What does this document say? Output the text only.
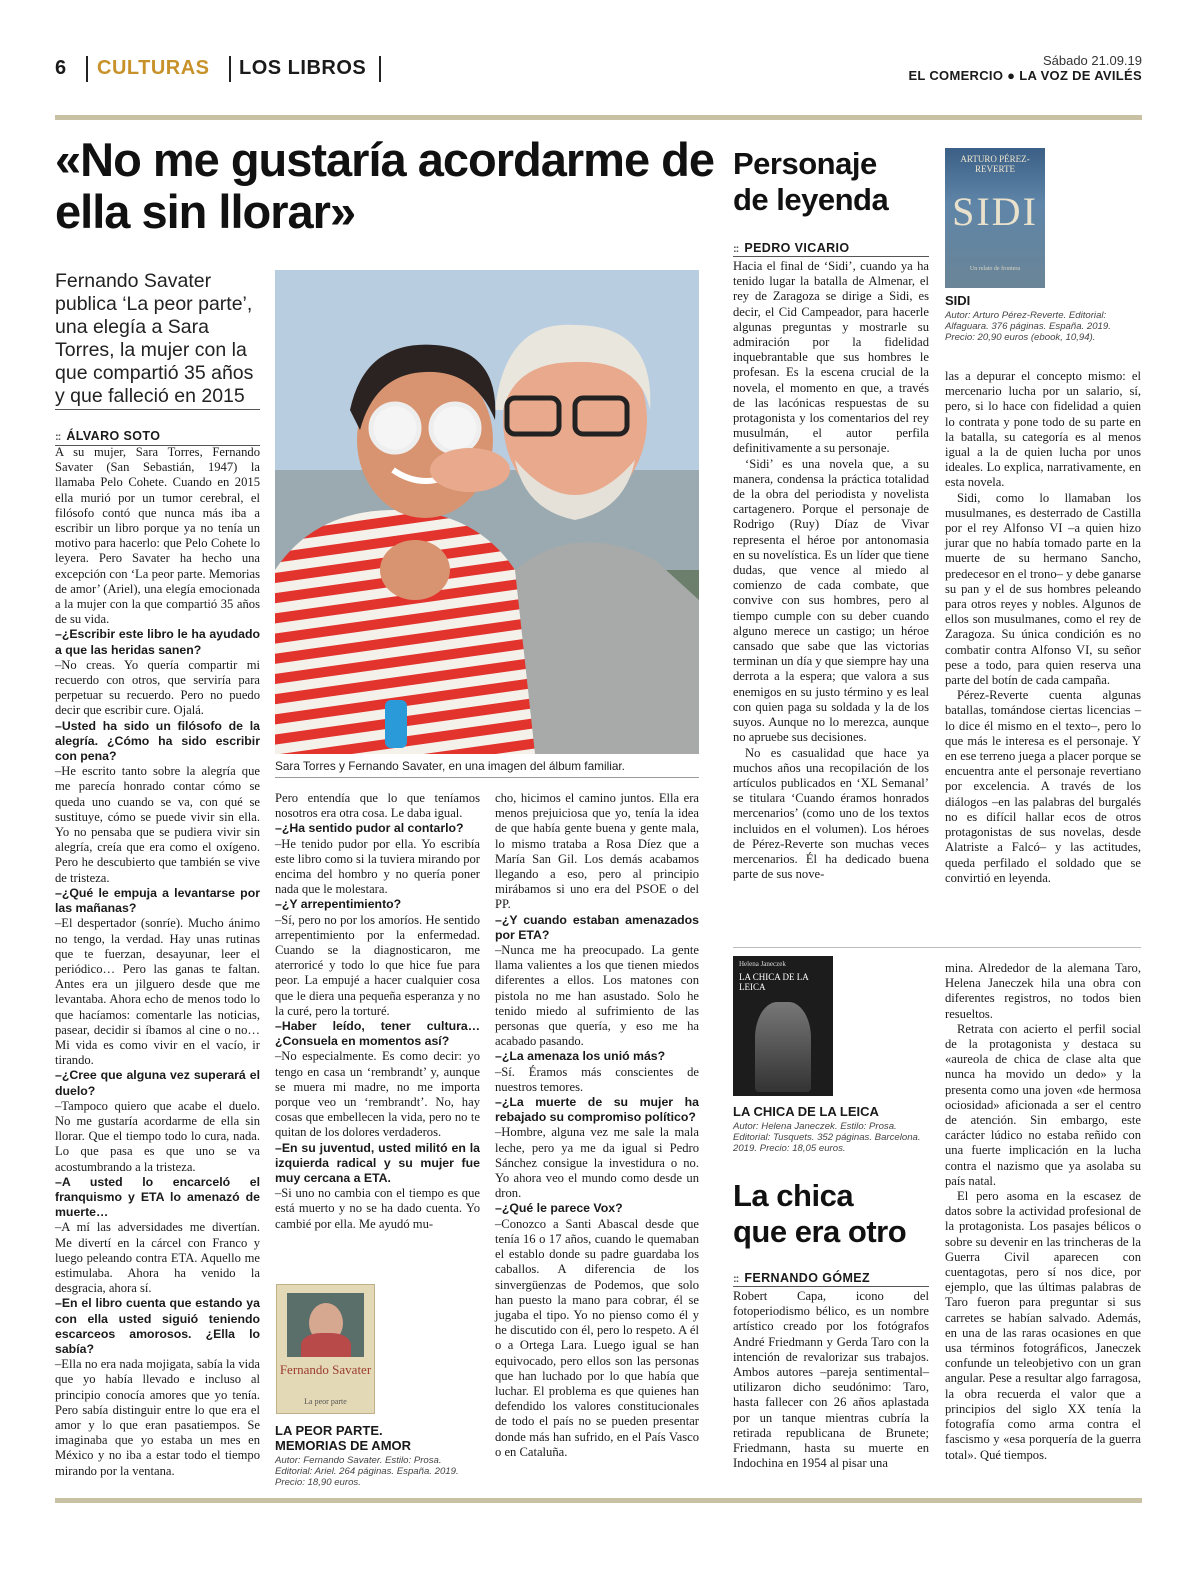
6 CULTURAS LOS LIBROS	Sábado 21.09.19
EL COMERCIO ● LA VOZ DE AVILÉS
«No me gustaría acordarme de ella sin llorar»
Fernando Savater publica ‘La peor parte’, una elegía a Sara Torres, la mujer con la que compartió 35 años y que falleció en 2015
:: ÁLVARO SOTO
Sara Torres y Fernando Savater, en una imagen del álbum familiar.

A su mujer, Sara Torres, Fernando Savater (San Sebastián, 1947) la llamaba Pelo Cohete. Cuando en 2015 ella murió por un tumor cerebral, el filósofo contó que nunca más iba a escribir un libro porque ya no tenía un motivo para hacerlo: que Pelo Cohete lo leyera. Pero Savater ha hecho una excepción con ‘La peor parte. Memorias de amor’ (Ariel), una elegía emocionada a la mujer con la que compartió 35 años de su vida.

–¿Escribir este libro le ha ayudado a que las heridas sanen?

–No creas. Yo quería compartir mi recuerdo con otros, que serviría para perpetuar su recuerdo. Pero no puedo decir que escribir cure. Ojalá.

–Usted ha sido un filósofo de la alegría. ¿Cómo ha sido escribir con pena?

–He escrito tanto sobre la alegría que me parecía honrado contar cómo se queda uno cuando se va, con qué se sustituye, cómo se puede vivir sin ella. Yo no pensaba que se pudiera vivir sin alegría, creía que era como el oxígeno. Pero he descubierto que también se vive de tristeza.

–¿Qué le empuja a levantarse por las mañanas?

–El despertador (sonríe). Mucho ánimo no tengo, la verdad. Hay unas rutinas que te fuerzan, desayunar, leer el periódico… Pero las ganas te faltan. Antes era un jilguero desde que me levantaba. Ahora echo de menos todo lo que hacíamos: comentarle las noticias, pasear, decidir si íbamos al cine o no… Mi vida es como vivir en el vacío, ir tirando.

–¿Cree que alguna vez superará el duelo?

–Tampoco quiero que acabe el duelo. No me gustaría acordarme de ella sin llorar. Que el tiempo todo lo cura, nada. Lo que pasa es que uno se va acostumbrando a la tristeza.

–A usted lo encarceló el franquismo y ETA lo amenazó de muerte…

–A mí las adversidades me divertían. Me divertí en la cárcel con Franco y luego peleando contra ETA. Aquello me estimulaba. Ahora ha venido la desgracia, ahora sí.

–En el libro cuenta que estando ya con ella usted siguió teniendo escarceos amorosos. ¿Ella lo sabía?

–Ella no era nada mojigata, sabía la vida que yo había llevado e incluso al principio conocía amores que yo tenía. Pero sabía distinguir entre lo que era el amor y lo que eran pasatiempos. Se imaginaba que yo estaba un mes en México y no iba a estar todo el tiempo mirando por la ventana.

Pero entendía que lo que teníamos nosotros era otra cosa. Le daba igual.

–¿Ha sentido pudor al contarlo?

–He tenido pudor por ella. Yo escribía este libro como si la tuviera mirando por encima del hombro y no quería poner nada que le molestara.

–¿Y arrepentimiento?

–Sí, pero no por los amoríos. He sentido arrepentimiento por la enfermedad. Cuando se la diagnosticaron, me aterroricé y todo lo que hice fue para peor. La empujé a hacer cualquier cosa que le diera una pequeña esperanza y no la curé, pero la torturé.

–Haber leído, tener cultura… ¿Consuela en momentos así?

–No especialmente. Es como decir: yo tengo en casa un ‘rembrandt’ y, aunque se muera mi madre, no me importa porque veo un ‘rembrandt’. No, hay cosas que embellecen la vida, pero no te quitan de los dolores verdaderos.

–En su juventud, usted militó en la izquierda radical y su mujer fue muy cercana a ETA.

–Si uno no cambia con el tiempo es que está muerto y no se ha dado cuenta. Yo cambié por ella. Me ayudó mu-

cho, hicimos el camino juntos. Ella era menos prejuiciosa que yo, tenía la idea de que había gente buena y gente mala, lo mismo trataba a Rosa Díez que a María San Gil. Los demás acabamos llegando a eso, pero al principio mirábamos si uno era del PSOE o del PP.

–¿Y cuando estaban amenazados por ETA?

–Nunca me ha preocupado. La gente llama valientes a los que tienen miedos diferentes a ellos. Los matones con pistola no me han asustado. Solo he tenido miedo al sufrimiento de las personas que quería, y eso me ha acabado pasando.

–¿La amenaza los unió más?

–Sí. Éramos más conscientes de nuestros temores.

–¿La muerte de su mujer ha rebajado su compromiso político?

–Hombre, alguna vez me sale la mala leche, pero ya me da igual si Pedro Sánchez consigue la investidura o no. Yo ahora veo el mundo como desde un dron.

–¿Qué le parece Vox?

–Conozco a Santi Abascal desde que tenía 16 o 17 años, cuando le quemaban el establo donde su padre guardaba los caballos. A diferencia de los sinvergüenzas de Podemos, que solo han puesto la mano para cobrar, él se jugaba el tipo. Yo no pienso como él y he discutido con él, pero lo respeto. A él o a Ortega Lara. Luego igual se han equivocado, pero ellos son las personas que han luchado por lo que había que luchar. El problema es que quienes han defendido los valores constitucionales de todo el país no se pueden presentar donde más han sufrido, en el País Vasco o en Cataluña.

Fernando Savater
La peor parte
LA PEOR PARTE.
MEMORIAS DE AMOR
Autor: Fernando Savater. Estilo: Prosa. Editorial: Ariel. 264 páginas. España. 2019. Precio: 18,90 euros.
Personaje
de leyenda
:: PEDRO VICARIO
ARTURO PÉREZ-REVERTE
SIDI
Un relato de frontera
SIDI
Autor: Arturo Pérez-Reverte. Editorial: Alfaguara. 376 páginas. España. 2019. Precio: 20,90 euros (ebook, 10,94).

Hacia el final de ‘Sidi’, cuando ya ha tenido lugar la batalla de Almenar, el rey de Zaragoza se dirige a Sidi, es decir, el Cid Campeador, para hacerle algunas preguntas y mostrarle su admiración por la fidelidad inquebrantable que sus hombres le profesan. Es la escena crucial de la novela, el momento en que, a través de las lacónicas respuestas de su protagonista y los comentarios del rey musulmán, el autor perfila definitivamente a su personaje.

‘Sidi’ es una novela que, a su manera, condensa la práctica totalidad de la obra del periodista y novelista cartagenero. Porque el personaje de Rodrigo (Ruy) Díaz de Vivar representa el héroe por antonomasia en su novelística. Es un líder que tiene dudas, que vence al miedo al comienzo de cada combate, que convive con sus hombres, pero al tiempo cumple con su deber cuando alguno merece un castigo; un héroe cansado que sabe que las victorias terminan un día y que siempre hay una derrota a la espera; que valora a sus enemigos en su justo término y es leal con quien paga su soldada y la de los suyos. Aunque no lo merezca, aunque no apruebe sus decisiones.

No es casualidad que hace ya muchos años una recopilación de los artículos publicados en ‘XL Semanal’ se titulara ‘Cuando éramos honrados mercenarios’ (como uno de los textos incluidos en el volumen). Los héroes de Pérez-Reverte son muchas veces mercenarios. Él ha dedicado buena parte de sus nove-

las a depurar el concepto mismo: el mercenario lucha por un salario, sí, pero, si lo hace con fidelidad a quien lo contrata y pone todo de su parte en la batalla, su categoría es al menos igual a la de quien lucha por unos ideales. Lo explica, narrativamente, en esta novela.

Sidi, como lo llamaban los musulmanes, es desterrado de Castilla por el rey Alfonso VI –a quien hizo jurar que no había tomado parte en la muerte de su hermano Sancho, predecesor en el trono– y debe ganarse su pan y el de sus hombres peleando para otros reyes y nobles. Algunos de ellos son musulmanes, como el rey de Zaragoza. Su única condición es no combatir contra Alfonso VI, su señor pese a todo, para quien reserva una parte del botín de cada campaña.

Pérez-Reverte cuenta algunas batallas, tomándose ciertas licencias –lo dice él mismo en el texto–, pero lo que más le interesa es el personaje. Y en ese terreno juega a placer porque se encuentra ante el personaje revertiano por excelencia. A través de los diálogos –en las palabras del burgalés no es difícil hallar ecos de otros protagonistas de sus novelas, desde Alatriste a Falcó– y las actitudes, queda perfilado el soldado que se convirtió en leyenda.

Helena Janeczek
LA CHICA DE LA LEICA
LA CHICA DE LA LEICA
Autor: Helena Janeczek. Estilo: Prosa. Editorial: Tusquets. 352 páginas. Barcelona. 2019. Precio: 18,05 euros.
La chica
que era otro
:: FERNANDO GÓMEZ

Robert Capa, icono del fotoperiodismo bélico, es un nombre artístico creado por los fotógrafos André Friedmann y Gerda Taro con la intención de revalorizar sus trabajos. Ambos autores –pareja sentimental– utilizaron dicho seudónimo: Taro, hasta fallecer con 26 años aplastada por un tanque mientras cubría la retirada republicana de Brunete; Friedmann, hasta su muerte en Indochina en 1954 al pisar una

mina. Alrededor de la alemana Taro, Helena Janeczek hila una obra con diferentes registros, no todos bien resueltos.

Retrata con acierto el perfil social de la protagonista y destaca su «aureola de chica de clase alta que nunca ha movido un dedo» y la presenta como una joven «de hermosa ociosidad» aficionada a ser el centro de atención. Sin embargo, este carácter lúdico no estaba reñido con una fuerte implicación en la lucha contra el nazismo que ya asolaba su país natal.

El pero asoma en la escasez de datos sobre la actividad profesional de la protagonista. Los pasajes bélicos o sobre su devenir en las trincheras de la Guerra Civil aparecen con cuentagotas, pero sí nos dice, por ejemplo, que las últimas palabras de Taro fueron para preguntar si sus carretes se habían salvado. Además, en una de las raras ocasiones en que usa términos fotográficos, Janeczek confunde un teleobjetivo con un gran angular. Pese a resultar algo farragosa, la obra recuerda el valor que a principios del siglo XX tenía la fotografía como arma contra el fascismo y «esa porquería de la guerra total». Qué tiempos.
